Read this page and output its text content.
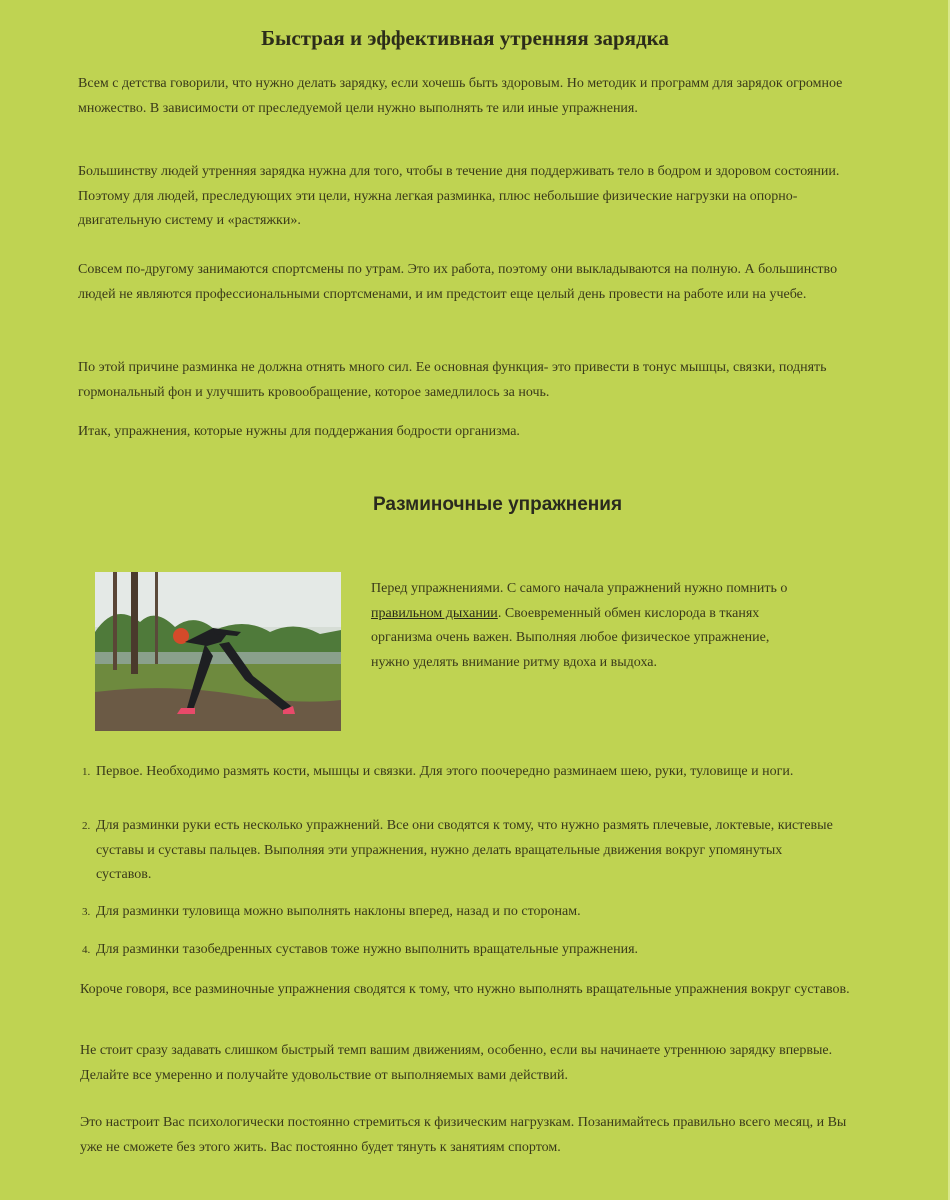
Быстрая и эффективная утренняя зарядка

Всем с детства говорили, что нужно делать зарядку, если хочешь быть здоровым. Но методик и программ для зарядок огромное множество. В зависимости от преследуемой цели нужно выполнять те или иные упражнения.

Большинству людей утренняя зарядка нужна для того, чтобы в течение дня поддерживать тело в бодром и здоровом состоянии. Поэтому для людей, преследующих эти цели, нужна легкая разминка, плюс небольшие физические нагрузки на опорно-двигательную систему и «растяжки».

Совсем по-другому занимаются спортсмены по утрам. Это их работа, поэтому они выкладываются на полную. А большинство людей не являются профессиональными спортсменами, и им предстоит еще целый день провести на работе или на учебе.

По этой причине разминка не должна отнять много сил. Ее основная функция- это привести в тонус мышцы, связки, поднять гормональный фон и улучшить кровообращение, которое замедлилось за ночь.

Итак, упражнения, которые нужны для поддержания бодрости организма.

Разминочные упражнения

Перед упражнениями. С самого начала упражнений нужно помнить о правильном дыхании. Своевременный обмен кислорода в тканях организма очень важен. Выполняя любое физическое упражнение, нужно уделять внимание ритму вдоха и выдоха.

1. Первое. Необходимо размять кости, мышцы и связки. Для этого поочередно разминаем шею, руки, туловище и ноги.
2. Для разминки руки есть несколько упражнений. Все они сводятся к тому, что нужно размять плечевые, локтевые, кистевые суставы и суставы пальцев. Выполняя эти упражнения, нужно делать вращательные движения вокруг упомянутых суставов.
3. Для разминки туловища можно выполнять наклоны вперед, назад и по сторонам.
4. Для разминки тазобедренных суставов тоже нужно выполнить вращательные упражнения.

Короче говоря, все разминочные упражнения сводятся к тому, что нужно выполнять вращательные упражнения вокруг суставов.

Не стоит сразу задавать слишком быстрый темп вашим движениям, особенно, если вы начинаете утреннюю зарядку впервые. Делайте все умеренно и получайте удовольствие от выполняемых вами действий.

Это настроит Вас психологически постоянно стремиться к физическим нагрузкам. Позанимайтесь правильно всего месяц, и Вы уже не сможете без этого жить. Вас постоянно будет тянуть к занятиям спортом.
